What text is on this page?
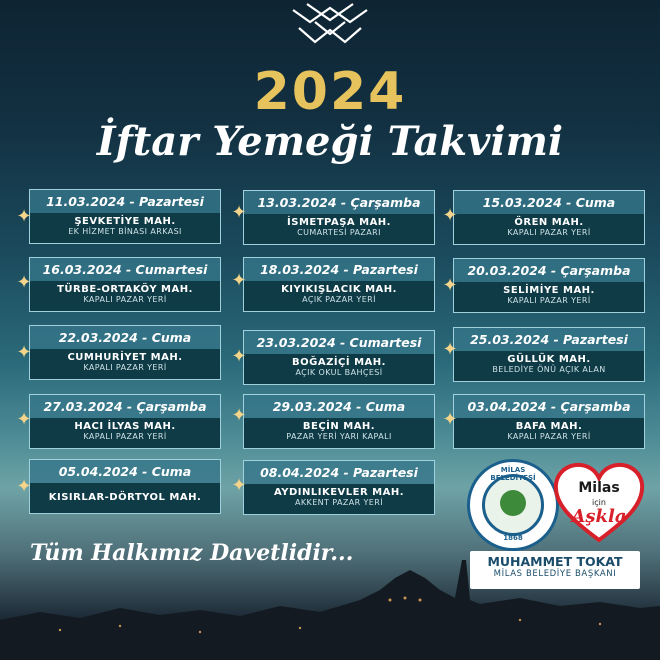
2024
İftar Yemeği Takvimi
11.03.2024 - Pazartesi
ŞEVKETİYE MAH.
EK HİZMET BİNASI ARKASI
✦
13.03.2024 - Çarşamba
İSMETPAŞA MAH.
CUMARTESİ PAZARI
✦	15.03.2024 - Cuma
ÖREN MAH.
KAPALI PAZAR YERİ
✦
16.03.2024 - Cumartesi
TÜRBE-ORTAKÖY MAH.
KAPALI PAZAR YERİ
✦
18.03.2024 - Pazartesi
KIYIKIŞLACIK MAH.
AÇIK PAZAR YERİ
✦	20.03.2024 - Çarşamba
SELİMİYE MAH.
KAPALI PAZAR YERİ
✦
22.03.2024 - Cuma
CUMHURİYET MAH.
KAPALI PAZAR YERİ
✦	23.03.2024 - Cumartesi
BOĞAZİÇİ MAH.
AÇIK OKUL BAHÇESİ
✦
25.03.2024 - Pazartesi
GÜLLÜK MAH.
BELEDİYE ÖNÜ AÇIK ALAN
✦
27.03.2024 - Çarşamba
HACI İLYAS MAH.
KAPALI PAZAR YERİ
✦
29.03.2024 - Cuma
BEÇİN MAH.
PAZAR YERİ YARI KAPALI
✦	03.04.2024 - Çarşamba
BAFA MAH.
KAPALI PAZAR YERİ
✦
05.04.2024 - Cuma
KISIRLAR-DÖRTYOL MAH.
✦
08.04.2024 - Pazartesi
AYDINLIKEVLER MAH.
AKKENT PAZAR YERİ
✦
Tüm Halkımız Davetlidir...
MİLAS BELEDİYESİ
1868
Milas
için
Aşkla
MUHAMMET TOKAT
MİLAS BELEDİYE BAŞKANI
